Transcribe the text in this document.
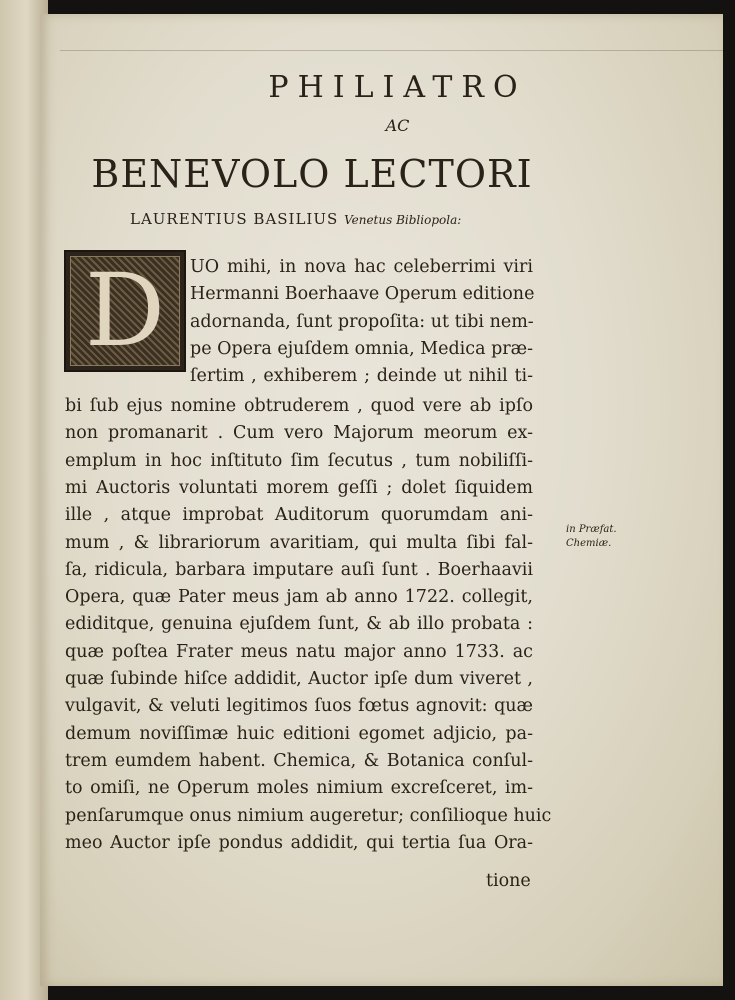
PHILIATRO
AC
BENEVOLO LECTORI
LAURENTIUS BASILIUS Venetus Bibliopola:
D	UO mihi, in nova hac celeberrimi viri
Hermanni Boerhaave Operum editione
adornanda, ſunt propoſita: ut tibi nem-
pe Opera ejuſdem omnia, Medica præ-
ſertim , exhiberem ; deinde ut nihil ti-
bi ſub ejus nomine obtruderem , quod vere ab ipſo
non promanarit . Cum vero Majorum meorum ex-
emplum in hoc inſtituto ſim ſecutus , tum nobiliſſi-
mi Auctoris voluntati morem geſſi ; dolet ſiquidem
ille , atque improbat Auditorum quorumdam ani-
mum , & librariorum avaritiam, qui multa ſibi fal-
ſa, ridicula, barbara imputare auſi ſunt . Boerhaavii
Opera, quæ Pater meus jam ab anno 1722. collegit,
ediditque, genuina ejuſdem ſunt, & ab illo probata :
quæ poſtea Frater meus natu major anno 1733. ac
quæ ſubinde hiſce addidit, Auctor ipſe dum viveret ,
vulgavit, & veluti legitimos ſuos fœtus agnovit: quæ
demum noviſſimæ huic editioni egomet adjicio, pa-
trem eumdem habent. Chemica, & Botanica conſul-
to omiſi, ne Operum moles nimium excreſceret, im-
penſarumque onus nimium augeretur; conſilioque huic
meo Auctor ipſe pondus addidit, qui tertia ſua Ora-
tione
in Præfat.
Chemiæ.
